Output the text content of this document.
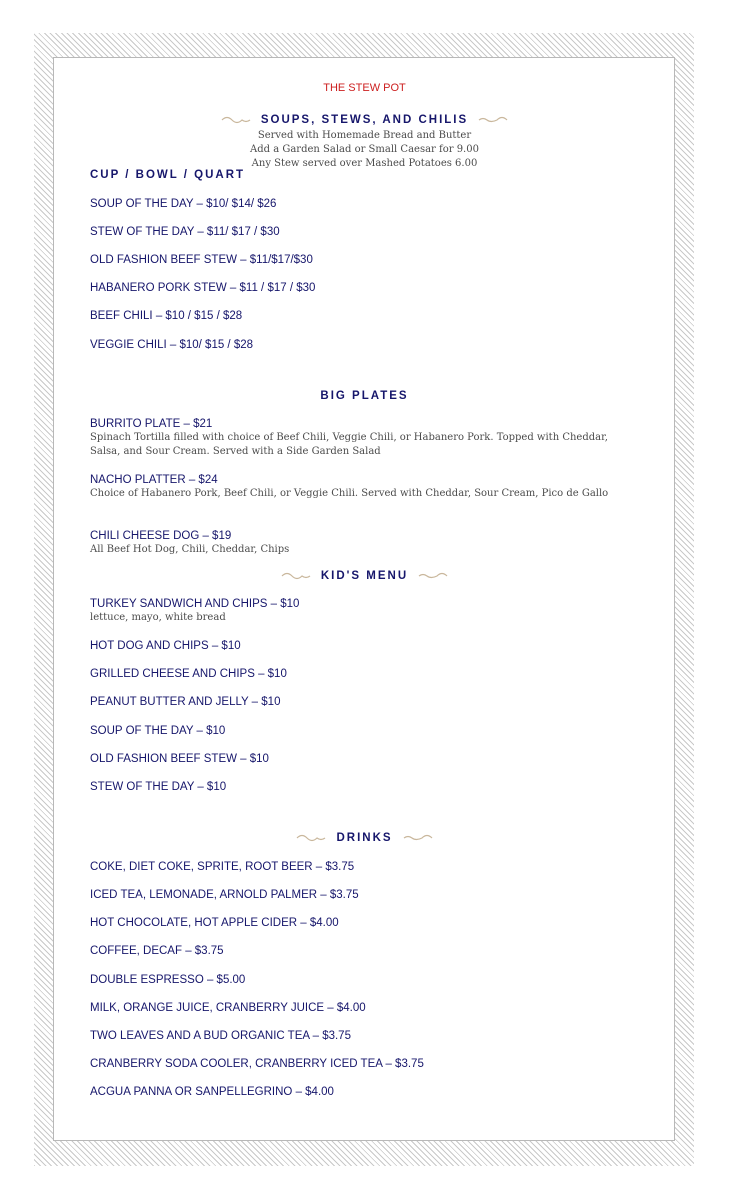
THE STEW POT

SOUPS, STEWS, AND CHILIS

Served with Homemade Bread and Butter

Add a Garden Salad or Small Caesar for 9.00

Any Stew served over Mashed Potatoes 6.00

CUP / BOWL / QUART

SOUP OF THE DAY – $10/ $14/ $26

STEW OF THE DAY – $11/ $17 / $30

OLD FASHION BEEF STEW – $11/$17/$30

HABANERO PORK STEW – $11 / $17 / $30

BEEF CHILI – $10 / $15 / $28

VEGGIE CHILI – $10/ $15 / $28

BIG PLATES

BURRITO PLATE – $21

Spinach Tortilla filled with choice of Beef Chili, Veggie Chili, or Habanero Pork. Topped with Cheddar, Salsa, and Sour Cream. Served with a Side Garden Salad

NACHO PLATTER – $24

Choice of Habanero Pork, Beef Chili, or Veggie Chili. Served with Cheddar, Sour Cream, Pico de Gallo

CHILI CHEESE DOG – $19

All Beef Hot Dog, Chili, Cheddar, Chips

KID'S MENU

TURKEY SANDWICH AND CHIPS – $10

lettuce, mayo, white bread

HOT DOG AND CHIPS – $10

GRILLED CHEESE AND CHIPS – $10

PEANUT BUTTER AND JELLY – $10

SOUP OF THE DAY – $10

OLD FASHION BEEF STEW – $10

STEW OF THE DAY – $10

DRINKS

COKE, DIET COKE, SPRITE, ROOT BEER – $3.75

ICED TEA, LEMONADE, ARNOLD PALMER – $3.75

HOT CHOCOLATE, HOT APPLE CIDER – $4.00

COFFEE, DECAF – $3.75

DOUBLE ESPRESSO – $5.00

MILK, ORANGE JUICE, CRANBERRY JUICE – $4.00

TWO LEAVES AND A BUD ORGANIC TEA – $3.75

CRANBERRY SODA COOLER, CRANBERRY ICED TEA – $3.75

ACGUA PANNA OR SANPELLEGRINO – $4.00
